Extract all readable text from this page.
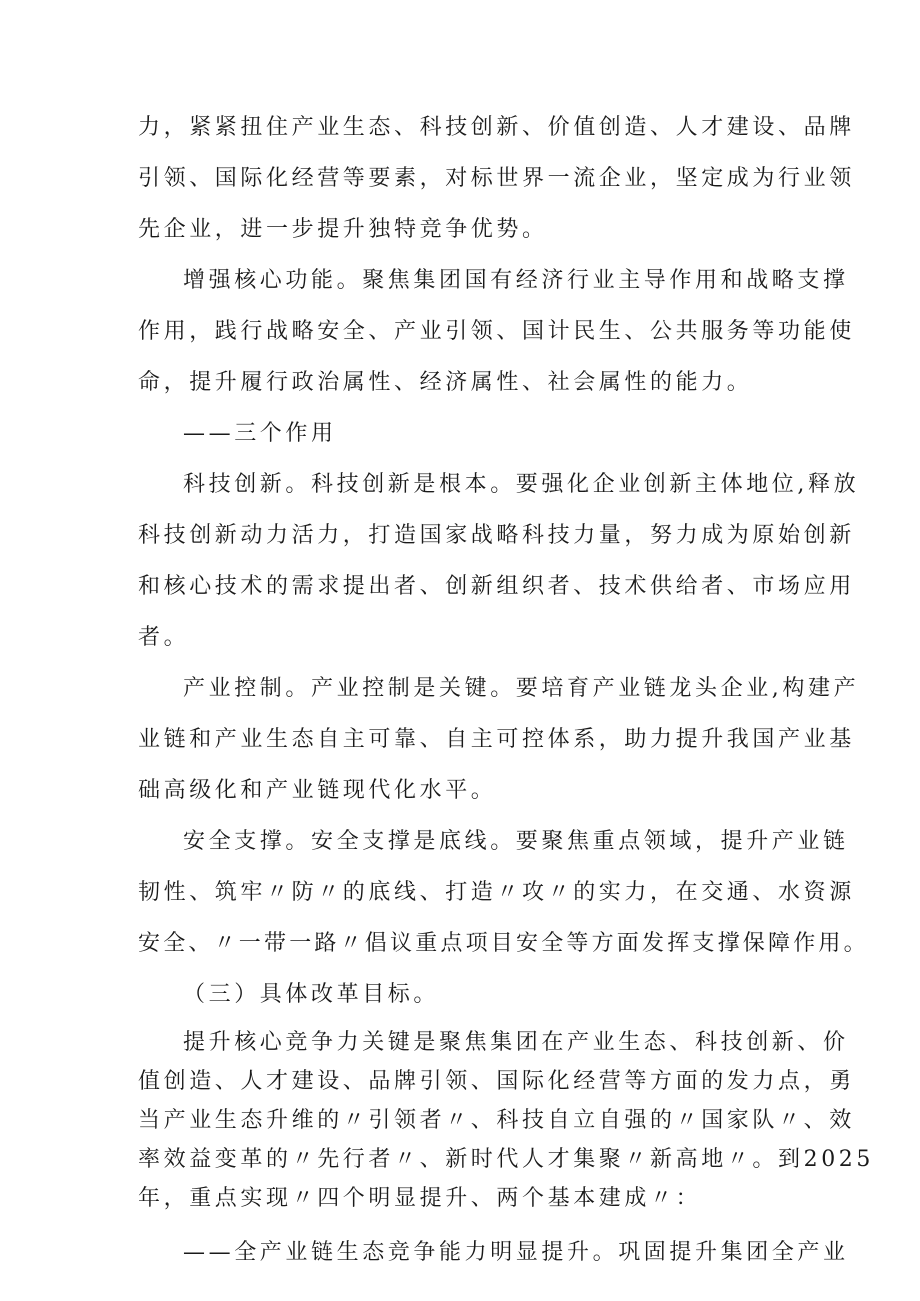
力，紧紧扭住产业生态、科技创新、价值创造、人才建设、品牌
引领、国际化经营等要素，对标世界一流企业，坚定成为行业领
先企业，进一步提升独特竞争优势。
增强核心功能。聚焦集团国有经济行业主导作用和战略支撑
作用，践行战略安全、产业引领、国计民生、公共服务等功能使
命，提升履行政治属性、经济属性、社会属性的能力。
——三个作用
科技创新。科技创新是根本。要强化企业创新主体地位,释放
科技创新动力活力，打造国家战略科技力量，努力成为原始创新
和核心技术的需求提出者、创新组织者、技术供给者、市场应用
者。
产业控制。产业控制是关键。要培育产业链龙头企业,构建产
业链和产业生态自主可靠、自主可控体系，助力提升我国产业基
础高级化和产业链现代化水平。
安全支撑。安全支撑是底线。要聚焦重点领域，提升产业链
韧性、筑牢〃防〃的底线、打造〃攻〃的实力，在交通、水资源
安全、〃一带一路〃倡议重点项目安全等方面发挥支撑保障作用。
（三）具体改革目标。
提升核心竞争力关键是聚焦集团在产业生态、科技创新、价
值创造、人才建设、品牌引领、国际化经营等方面的发力点，勇
当产业生态升维的〃引领者〃、科技自立自强的〃国家队〃、效
率效益变革的〃先行者〃、新时代人才集聚〃新高地〃。到2025
年，重点实现〃四个明显提升、两个基本建成〃：
——全产业链生态竞争能力明显提升。巩固提升集团全产业
